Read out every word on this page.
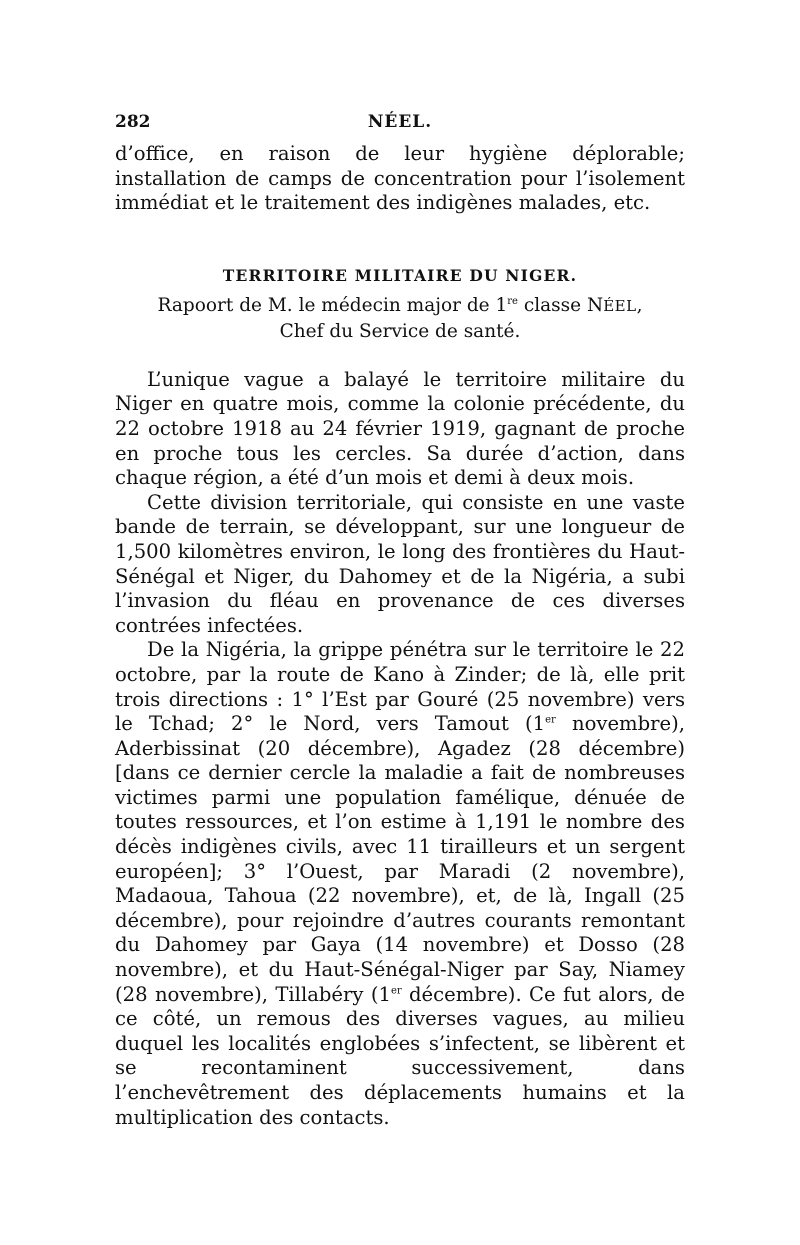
282	NÉEL.

d’office, en raison de leur hygiène déplorable; installation de camps de concentration pour l’isolement immédiat et le traitement des indigènes malades, etc.

TERRITOIRE MILITAIRE DU NIGER.
Rapoort de M. le médecin major de 1re classe NÉEL,
Chef du Service de santé.

L’unique vague a balayé le territoire militaire du Niger en quatre mois, comme la colonie précédente, du 22 octobre 1918 au 24 février 1919, gagnant de proche en proche tous les cercles. Sa durée d’action, dans chaque région, a été d’un mois et demi à deux mois.

Cette division territoriale, qui consiste en une vaste bande de terrain, se développant, sur une longueur de 1,500 kilomètres environ, le long des frontières du Haut-Sénégal et Niger, du Dahomey et de la Nigéria, a subi l’invasion du fléau en provenance de ces diverses contrées infectées.

De la Nigéria, la grippe pénétra sur le territoire le 22 octobre, par la route de Kano à Zinder; de là, elle prit trois directions : 1° l’Est par Gouré (25 novembre) vers le Tchad; 2° le Nord, vers Tamout (1er novembre), Aderbissinat (20 décembre), Agadez (28 décembre) [dans ce dernier cercle la maladie a fait de nombreuses victimes parmi une population famélique, dénuée de toutes ressources, et l’on estime à 1,191 le nombre des décès indigènes civils, avec 11 tirailleurs et un sergent européen]; 3° l’Ouest, par Maradi (2 novembre), Madaoua, Tahoua (22 novembre), et, de là, Ingall (25 décembre), pour rejoindre d’autres courants remontant du Dahomey par Gaya (14 novembre) et Dosso (28 novembre), et du Haut-Sénégal-Niger par Say, Niamey (28 novembre), Tillabéry (1er décembre). Ce fut alors, de ce côté, un remous des diverses vagues, au milieu duquel les localités englobées s’infectent, se libèrent et se recontaminent successivement, dans l’enchevêtrement des déplacements humains et la multiplication des contacts.
